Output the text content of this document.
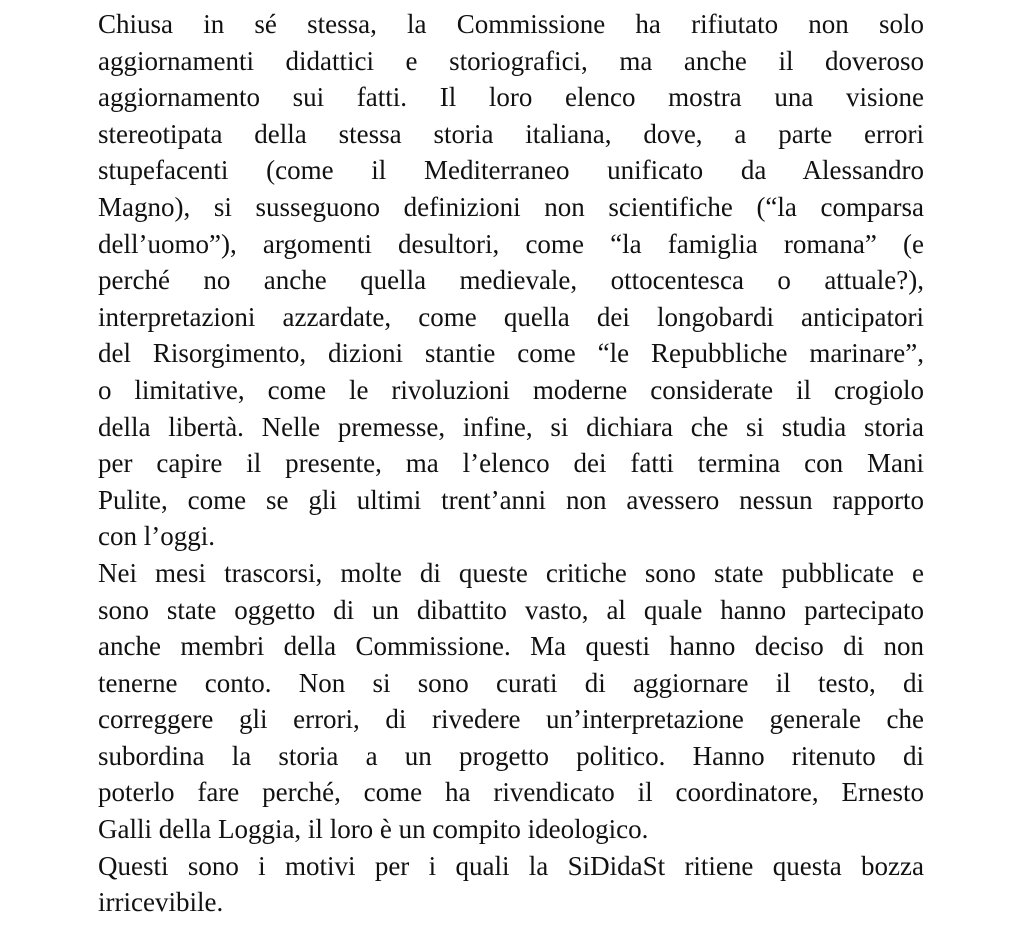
Chiusa in sé stessa, la Commissione ha rifiutato non solo
aggiornamenti didattici e storiografici, ma anche il doveroso
aggiornamento sui fatti. Il loro elenco mostra una visione
stereotipata della stessa storia italiana, dove, a parte errori
stupefacenti (come il Mediterraneo unificato da Alessandro
Magno), si susseguono definizioni non scientifiche (“la comparsa
dell’uomo”), argomenti desultori, come “la famiglia romana” (e
perché no anche quella medievale, ottocentesca o attuale?),
interpretazioni azzardate, come quella dei longobardi anticipatori
del Risorgimento, dizioni stantie come “le Repubbliche marinare”,
o limitative, come le rivoluzioni moderne considerate il crogiolo
della libertà. Nelle premesse, infine, si dichiara che si studia storia
per capire il presente, ma l’elenco dei fatti termina con Mani
Pulite, come se gli ultimi trent’anni non avessero nessun rapporto
con l’oggi.
Nei mesi trascorsi, molte di queste critiche sono state pubblicate e
sono state oggetto di un dibattito vasto, al quale hanno partecipato
anche membri della Commissione. Ma questi hanno deciso di non
tenerne conto. Non si sono curati di aggiornare il testo, di
correggere gli errori, di rivedere un’interpretazione generale che
subordina la storia a un progetto politico. Hanno ritenuto di
poterlo fare perché, come ha rivendicato il coordinatore, Ernesto
Galli della Loggia, il loro è un compito ideologico.
Questi sono i motivi per i quali la SiDidaSt ritiene questa bozza
irricevibile.
